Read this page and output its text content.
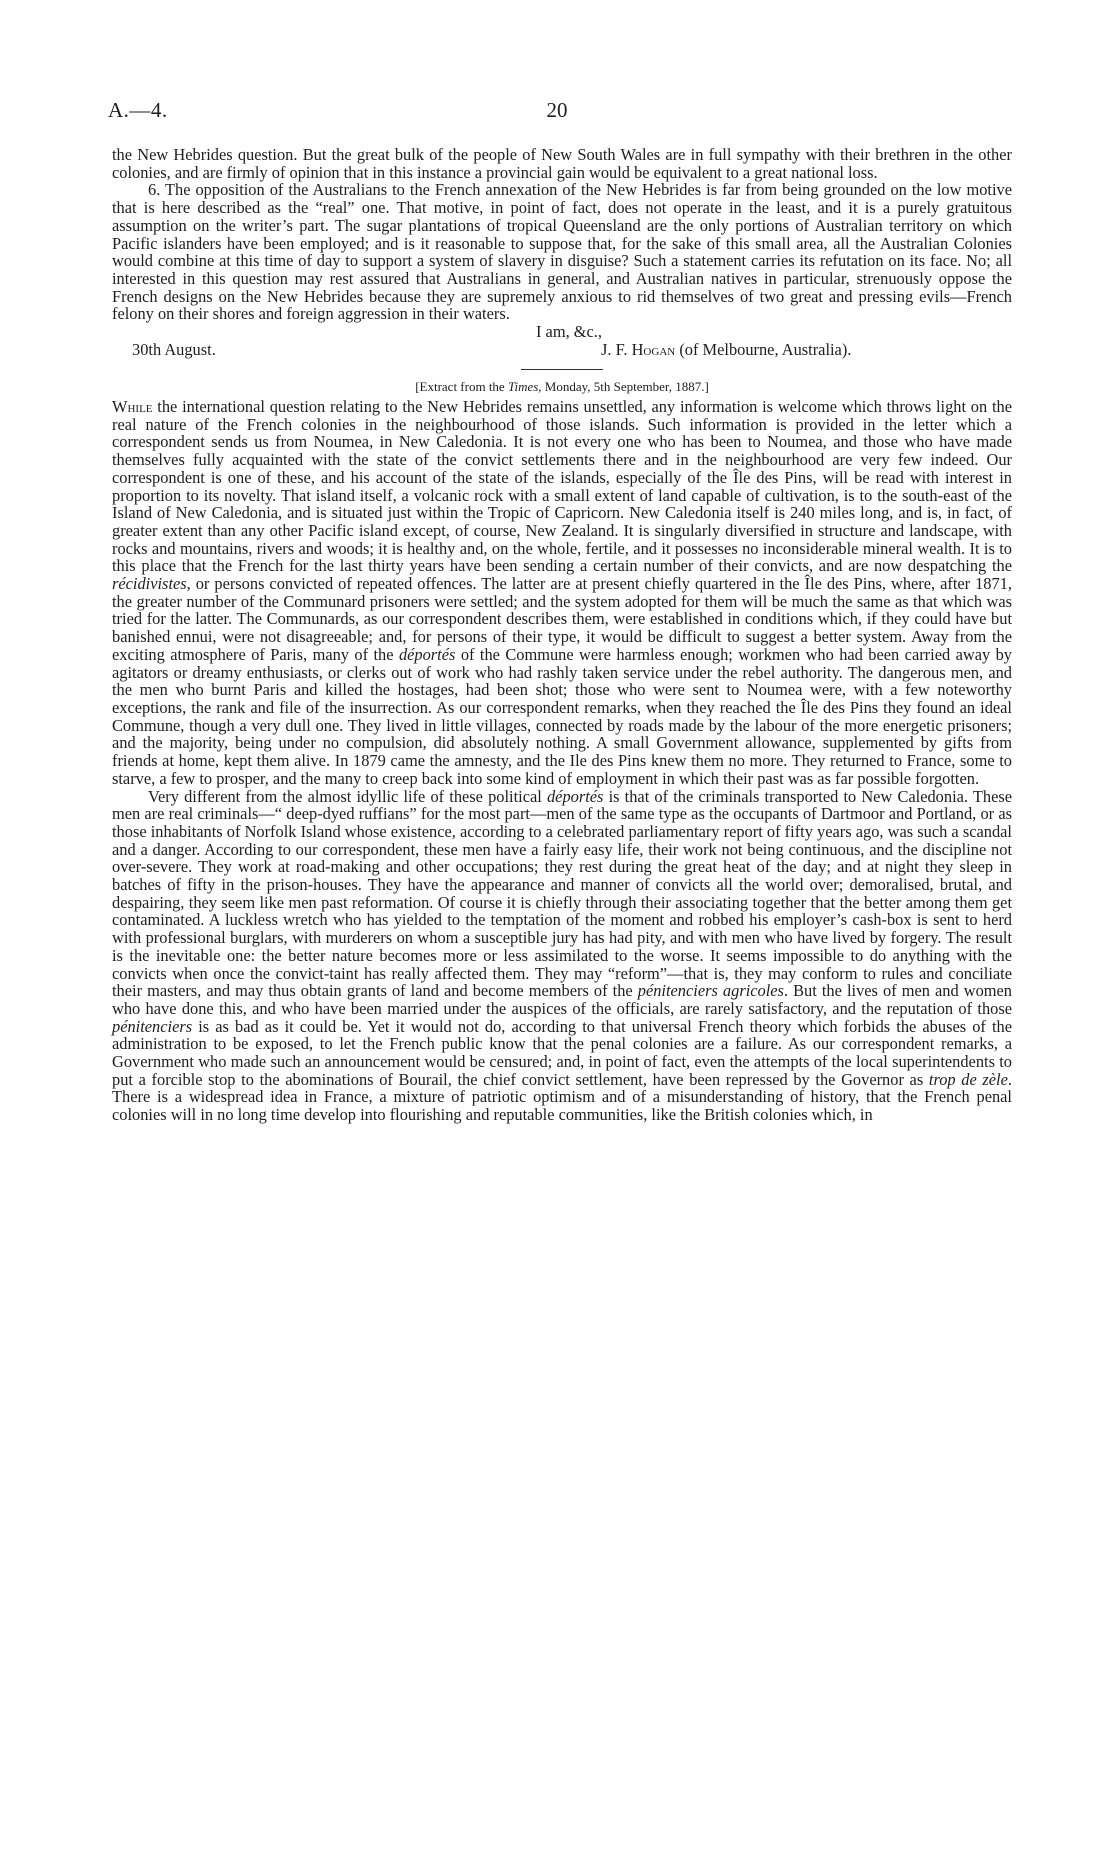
A.—4.	20

the New Hebrides question. But the great bulk of the people of New South Wales are in full sympathy with their brethren in the other colonies, and are firmly of opinion that in this instance a provincial gain would be equivalent to a great national loss.

6. The opposition of the Australians to the French annexation of the New Hebrides is far from being grounded on the low motive that is here described as the “real” one. That motive, in point of fact, does not operate in the least, and it is a purely gratuitous assumption on the writer’s part. The sugar plantations of tropical Queensland are the only portions of Australian territory on which Pacific islanders have been employed; and is it reasonable to suppose that, for the sake of this small area, all the Australian Colonies would combine at this time of day to support a system of slavery in disguise? Such a statement carries its refutation on its face. No; all interested in this question may rest assured that Australians in general, and Australian natives in particular, strenuously oppose the French designs on the New Hebrides because they are supremely anxious to rid themselves of two great and pressing evils—French felony on their shores and foreign aggression in their waters.

I am, &c.,
30th August.	J. F. Hogan (of Melbourne, Australia).
[Extract from the Times, Monday, 5th September, 1887.]

While the international question relating to the New Hebrides remains unsettled, any information is welcome which throws light on the real nature of the French colonies in the neighbourhood of those islands. Such information is provided in the letter which a correspondent sends us from Noumea, in New Caledonia. It is not every one who has been to Noumea, and those who have made themselves fully acquainted with the state of the convict settlements there and in the neighbourhood are very few indeed. Our correspondent is one of these, and his account of the state of the islands, especially of the Île des Pins, will be read with interest in proportion to its novelty. That island itself, a volcanic rock with a small extent of land capable of cultivation, is to the south-east of the Island of New Caledonia, and is situated just within the Tropic of Capricorn. New Caledonia itself is 240 miles long, and is, in fact, of greater extent than any other Pacific island except, of course, New Zealand. It is singularly diversified in structure and landscape, with rocks and mountains, rivers and woods; it is healthy and, on the whole, fertile, and it possesses no inconsiderable mineral wealth. It is to this place that the French for the last thirty years have been sending a certain number of their convicts, and are now despatching the récidivistes, or persons convicted of repeated offences. The latter are at present chiefly quartered in the Île des Pins, where, after 1871, the greater number of the Communard prisoners were settled; and the system adopted for them will be much the same as that which was tried for the latter. The Communards, as our correspondent describes them, were established in conditions which, if they could have but banished ennui, were not disagreeable; and, for persons of their type, it would be difficult to suggest a better system. Away from the exciting atmosphere of Paris, many of the déportés of the Commune were harmless enough; workmen who had been carried away by agitators or dreamy enthusiasts, or clerks out of work who had rashly taken service under the rebel authority. The dangerous men, and the men who burnt Paris and killed the hostages, had been shot; those who were sent to Noumea were, with a few noteworthy exceptions, the rank and file of the insurrection. As our correspondent remarks, when they reached the Île des Pins they found an ideal Commune, though a very dull one. They lived in little villages, connected by roads made by the labour of the more energetic prisoners; and the majority, being under no compulsion, did absolutely nothing. A small Government allowance, supplemented by gifts from friends at home, kept them alive. In 1879 came the amnesty, and the Ile des Pins knew them no more. They returned to France, some to starve, a few to prosper, and the many to creep back into some kind of employment in which their past was as far possible forgotten.

Very different from the almost idyllic life of these political déportés is that of the criminals transported to New Caledonia. These men are real criminals—“ deep-dyed ruffians” for the most part—men of the same type as the occupants of Dartmoor and Portland, or as those inhabitants of Norfolk Island whose existence, according to a celebrated parliamentary report of fifty years ago, was such a scandal and a danger. According to our correspondent, these men have a fairly easy life, their work not being continuous, and the discipline not over-severe. They work at road-making and other occupations; they rest during the great heat of the day; and at night they sleep in batches of fifty in the prison-houses. They have the appearance and manner of convicts all the world over; demoralised, brutal, and despairing, they seem like men past reformation. Of course it is chiefly through their associating together that the better among them get contaminated. A luckless wretch who has yielded to the temptation of the moment and robbed his employer’s cash-box is sent to herd with professional burglars, with murderers on whom a susceptible jury has had pity, and with men who have lived by forgery. The result is the inevitable one: the better nature becomes more or less assimilated to the worse. It seems impossible to do anything with the convicts when once the convict-taint has really affected them. They may “reform”—that is, they may conform to rules and conciliate their masters, and may thus obtain grants of land and become members of the pénitenciers agricoles. But the lives of men and women who have done this, and who have been married under the auspices of the officials, are rarely satisfactory, and the reputation of those pénitenciers is as bad as it could be. Yet it would not do, according to that universal French theory which forbids the abuses of the administration to be exposed, to let the French public know that the penal colonies are a failure. As our correspondent remarks, a Government who made such an announcement would be censured; and, in point of fact, even the attempts of the local superintendents to put a forcible stop to the abominations of Bourail, the chief convict settlement, have been repressed by the Governor as trop de zèle. There is a widespread idea in France, a mixture of patriotic optimism and of a misunderstanding of history, that the French penal colonies will in no long time develop into flourishing and reputable communities, like the British colonies which, in
